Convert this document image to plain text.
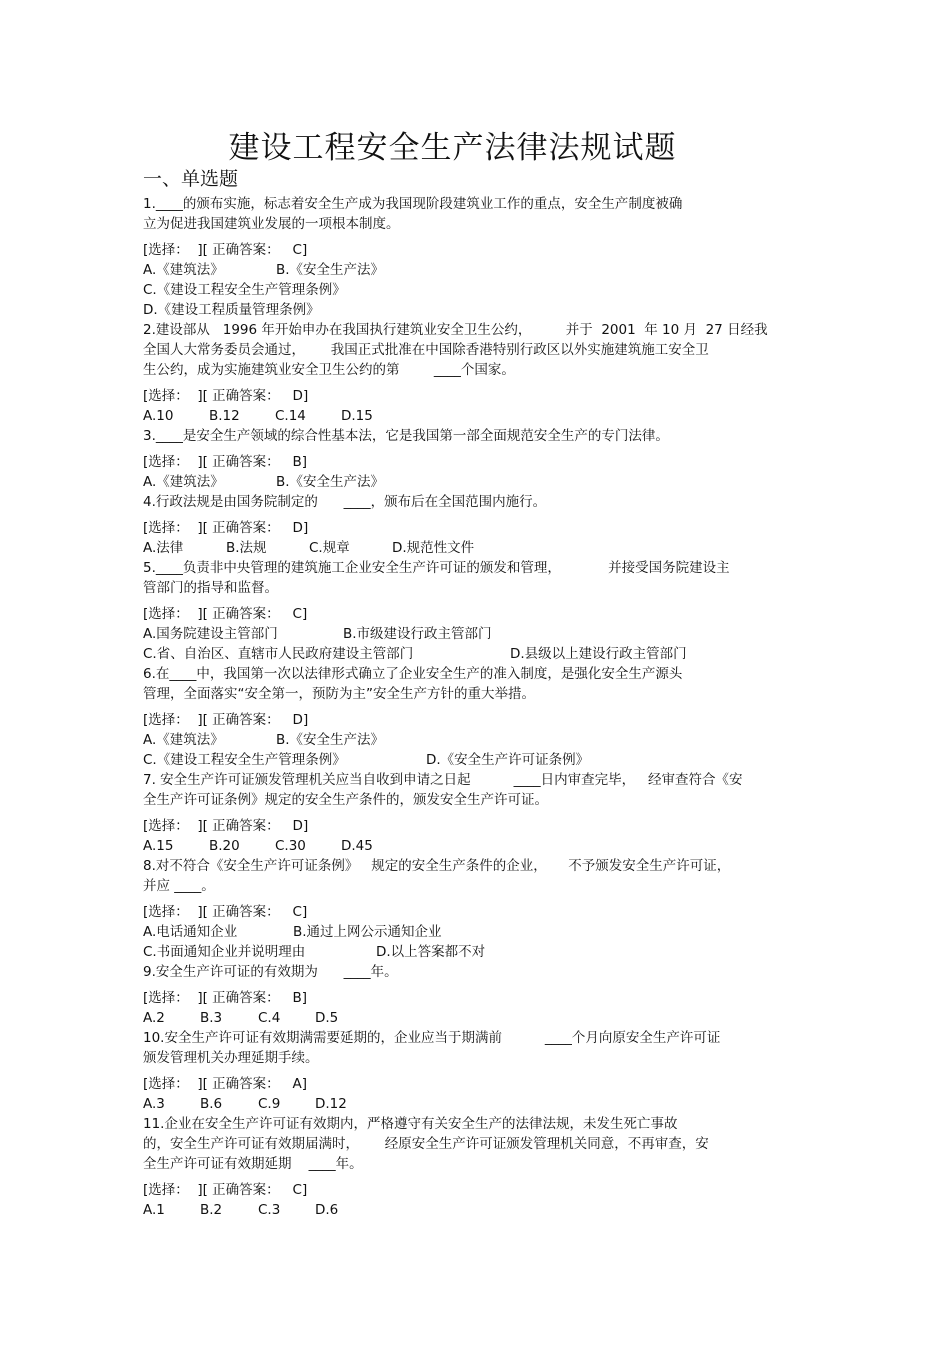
建设工程安全生产法律法规试题
一、单选题
1.____的颁布实施，标志着安全生产成为我国现阶段建筑业工作的重点，安全生产制度被确
立为促进我国建筑业发展的一项根本制度。
[选择：  ][ 正确答案：   C]
A.《建筑法》	B.《安全生产法》
C.《建设工程安全生产管理条例》
D.《建设工程质量管理条例》
2.建设部从   1996 年开始申办在我国执行建筑业安全卫生公约，        并于  2001  年 10 月  27 日经我
全国人大常务委员会通过，      我国正式批准在中国除香港特别行政区以外实施建筑施工安全卫
生公约，成为实施建筑业安全卫生公约的第        ____个国家。
[选择：  ][ 正确答案：   D]
A.10	B.12	C.14	D.15
3.____是安全生产领域的综合性基本法，它是我国第一部全面规范安全生产的专门法律。
[选择：  ][ 正确答案：   B]
A.《建筑法》	B.《安全生产法》
4.行政法规是由国务院制定的      ____，颁布后在全国范围内施行。
[选择：  ][ 正确答案：   D]
A.法律	B.法规	C.规章	D.规范性文件
5.____负责非中央管理的建筑施工企业安全生产许可证的颁发和管理，           并接受国务院建设主
管部门的指导和监督。
[选择：  ][ 正确答案：   C]
A.国务院建设主管部门	B.市级建设行政主管部门
C.省、自治区、直辖市人民政府建设主管部门	D.县级以上建设行政主管部门
6.在____中，我国第一次以法律形式确立了企业安全生产的准入制度，是强化安全生产源头
管理，全面落实“安全第一，预防为主”安全生产方针的重大举措。
[选择：  ][ 正确答案：   D]
A.《建筑法》	B.《安全生产法》
C.《建设工程安全生产管理条例》	D.《安全生产许可证条例》
7. 安全生产许可证颁发管理机关应当自收到申请之日起          ____日内审查完毕，   经审查符合《安
全生产许可证条例》规定的安全生产条件的，颁发安全生产许可证。
[选择：  ][ 正确答案：   D]
A.15	B.20	C.30	D.45
8.对不符合《安全生产许可证条例》   规定的安全生产条件的企业，     不予颁发安全生产许可证，
并应 ____。
[选择：  ][ 正确答案：   C]
A.电话通知企业	B.通过上网公示通知企业
C.书面通知企业并说明理由	D.以上答案都不对
9.安全生产许可证的有效期为      ____年。
[选择：  ][ 正确答案：   B]
A.2	B.3	C.4	D.5
10.安全生产许可证有效期满需要延期的，企业应当于期满前          ____个月向原安全生产许可证
颁发管理机关办理延期手续。
[选择：  ][ 正确答案：   A]
A.3	B.6	C.9	D.12
11.企业在安全生产许可证有效期内，严格遵守有关安全生产的法律法规，未发生死亡事故
的，安全生产许可证有效期届满时，      经原安全生产许可证颁发管理机关同意，不再审查，安
全生产许可证有效期延期    ____年。
[选择：  ][ 正确答案：   C]
A.1	B.2	C.3	D.6
